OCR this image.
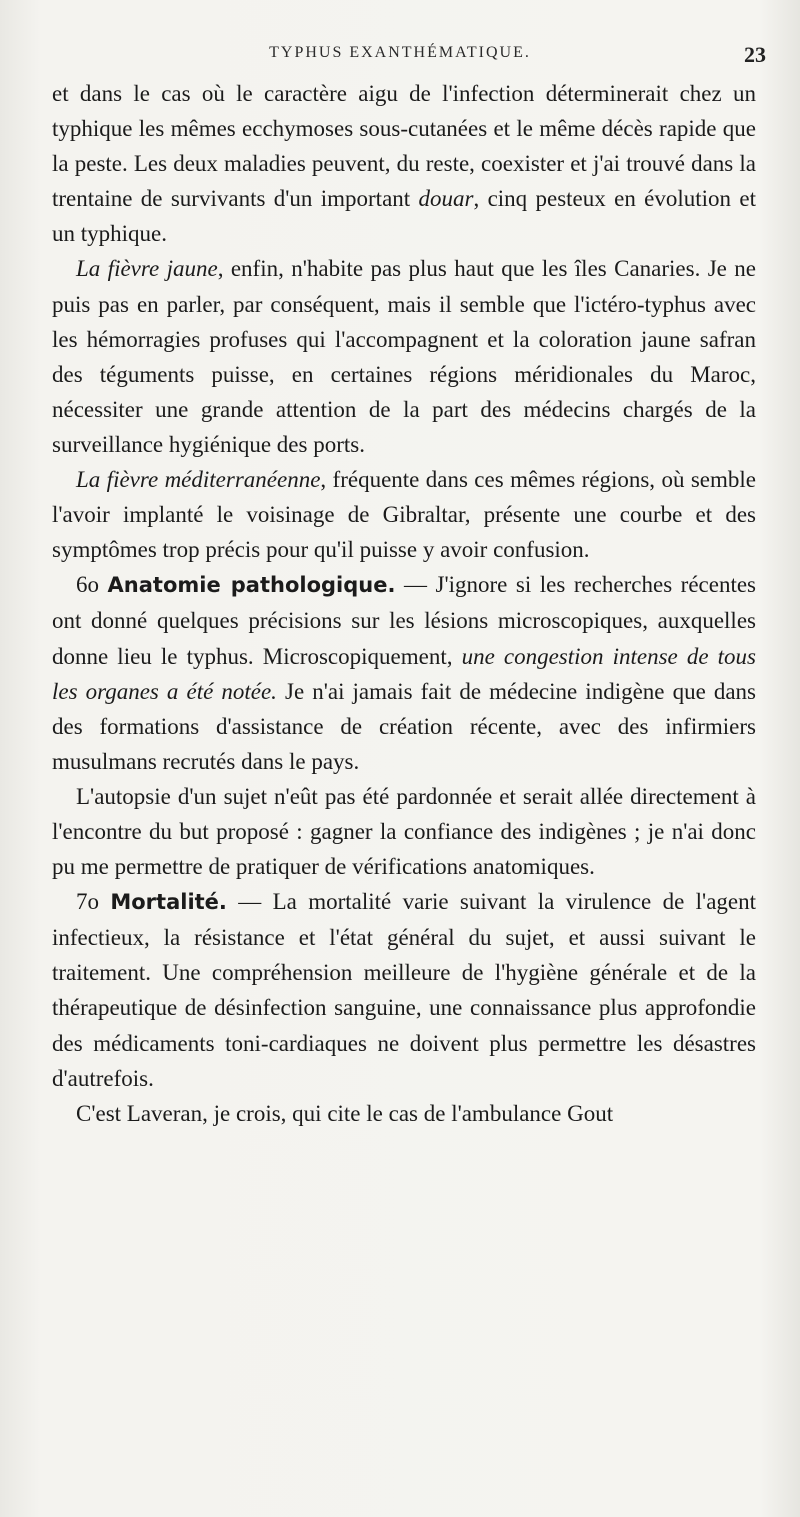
TYPHUS EXANTHÉMATIQUE.	23

et dans le cas où le caractère aigu de l'infection déterminerait chez un typhique les mêmes ecchymoses sous-cutanées et le même décès rapide que la peste. Les deux maladies peuvent, du reste, coexister et j'ai trouvé dans la trentaine de survivants d'un important douar, cinq pesteux en évolution et un typhique.

La fièvre jaune, enfin, n'habite pas plus haut que les îles Canaries. Je ne puis pas en parler, par conséquent, mais il semble que l'ictéro-typhus avec les hémorragies profuses qui l'accompagnent et la coloration jaune safran des téguments puisse, en certaines régions méridionales du Maroc, nécessiter une grande attention de la part des médecins chargés de la surveillance hygiénique des ports.

La fièvre méditerranéenne, fréquente dans ces mêmes régions, où semble l'avoir implanté le voisinage de Gibraltar, présente une courbe et des symptômes trop précis pour qu'il puisse y avoir confusion.

6o Anatomie pathologique. — J'ignore si les recherches récentes ont donné quelques précisions sur les lésions microscopiques, auxquelles donne lieu le typhus. Microscopiquement, une congestion intense de tous les organes a été notée. Je n'ai jamais fait de médecine indigène que dans des formations d'assistance de création récente, avec des infirmiers musulmans recrutés dans le pays.

L'autopsie d'un sujet n'eût pas été pardonnée et serait allée directement à l'encontre du but proposé : gagner la confiance des indigènes ; je n'ai donc pu me permettre de pratiquer de vérifications anatomiques.

7o Mortalité. — La mortalité varie suivant la virulence de l'agent infectieux, la résistance et l'état général du sujet, et aussi suivant le traitement. Une compréhension meilleure de l'hygiène générale et de la thérapeutique de désinfection sanguine, une connaissance plus approfondie des médicaments toni-cardiaques ne doivent plus permettre les désastres d'autrefois.

C'est Laveran, je crois, qui cite le cas de l'ambulance Gout
